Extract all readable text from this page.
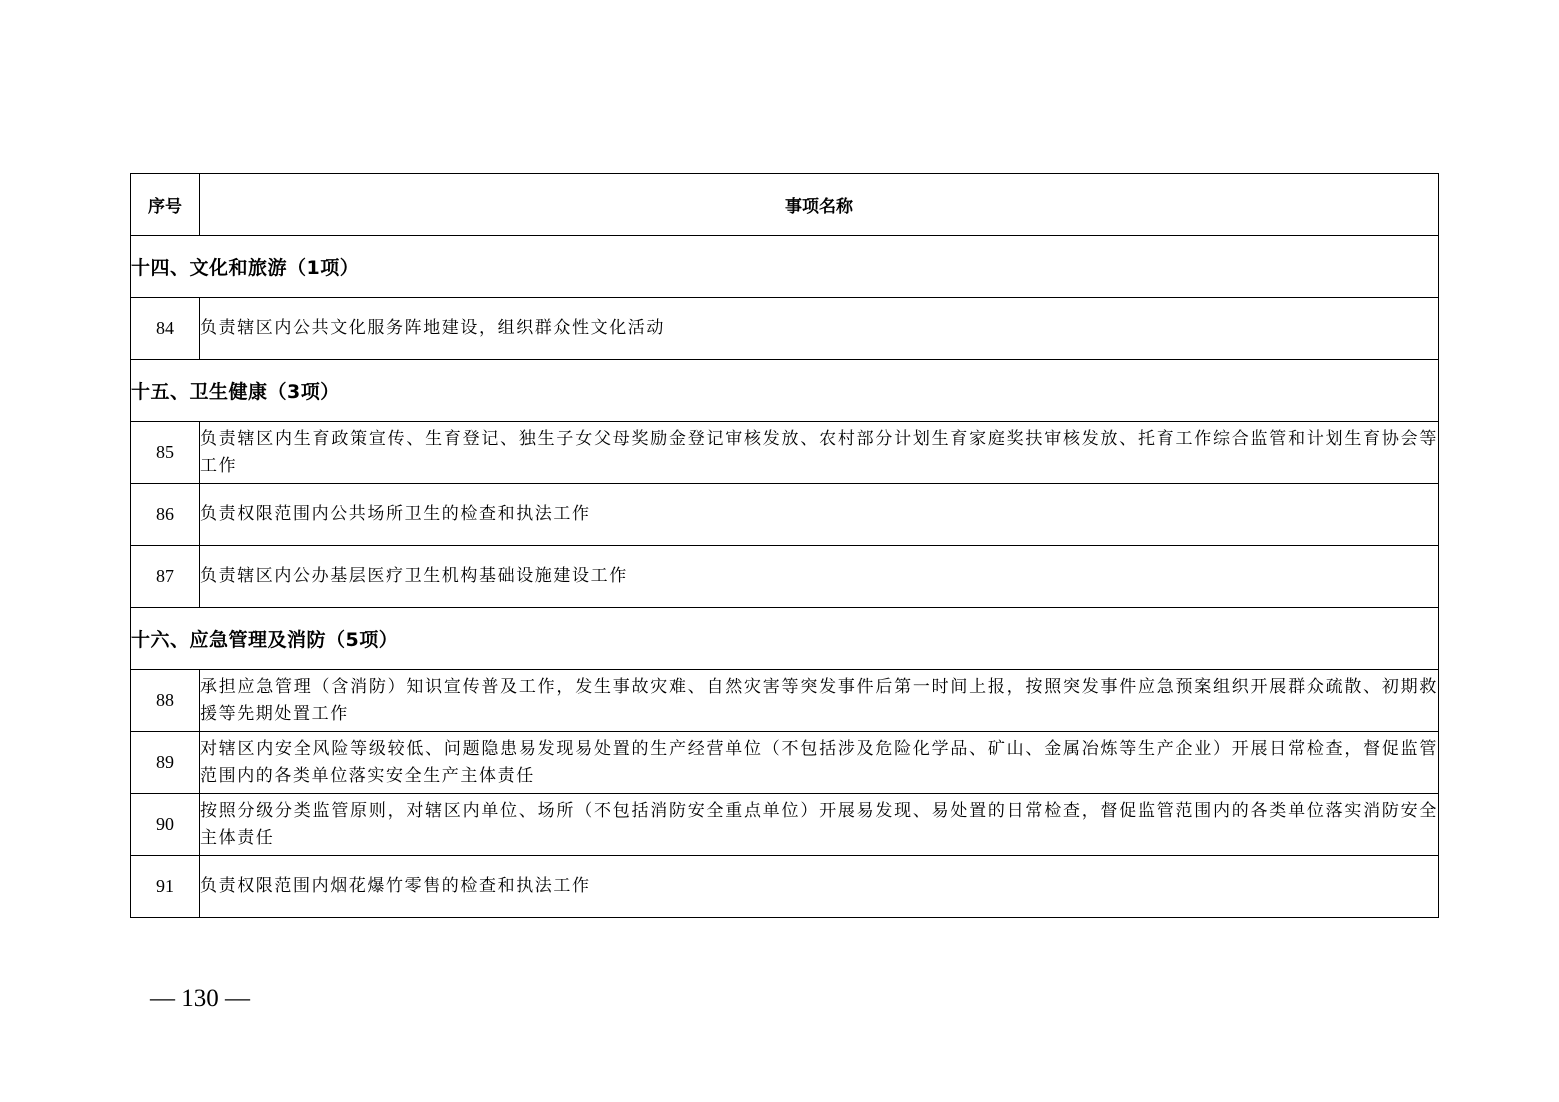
序号	事项名称
十四、文化和旅游（1项）	
84	负责辖区内公共文化服务阵地建设，组织群众性文化活动
十五、卫生健康（3项）	
85	负责辖区内生育政策宣传、生育登记、独生子女父母奖励金登记审核发放、农村部分计划生育家庭奖扶审核发放、托育工作综合监管和计划生育协会等工作
86	负责权限范围内公共场所卫生的检查和执法工作
87	负责辖区内公办基层医疗卫生机构基础设施建设工作
十六、应急管理及消防（5项）	
88	承担应急管理（含消防）知识宣传普及工作，发生事故灾难、自然灾害等突发事件后第一时间上报，按照突发事件应急预案组织开展群众疏散、初期救援等先期处置工作
89	对辖区内安全风险等级较低、问题隐患易发现易处置的生产经营单位（不包括涉及危险化学品、矿山、金属冶炼等生产企业）开展日常检查，督促监管范围内的各类单位落实安全生产主体责任
90	按照分级分类监管原则，对辖区内单位、场所（不包括消防安全重点单位）开展易发现、易处置的日常检查，督促监管范围内的各类单位落实消防安全主体责任
91	负责权限范围内烟花爆竹零售的检查和执法工作
— 130 —
